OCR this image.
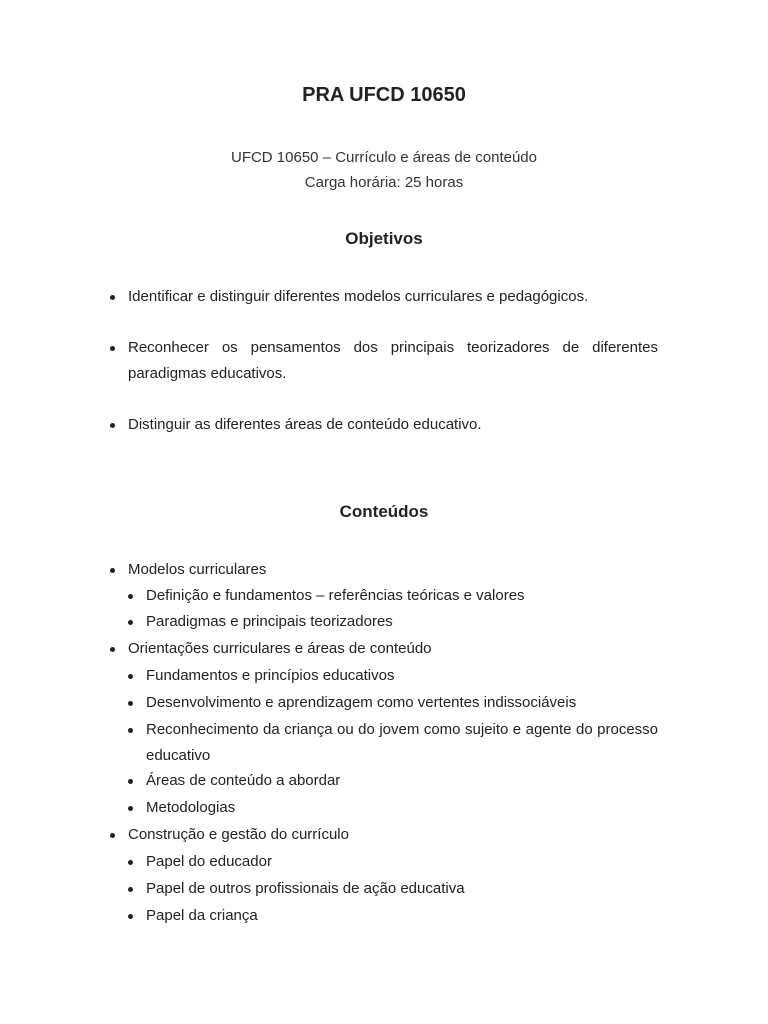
PRA UFCD 10650
UFCD 10650 – Currículo e áreas de conteúdo
Carga horária: 25 horas
Objetivos
Identificar e distinguir diferentes modelos curriculares e pedagógicos.
Reconhecer os pensamentos dos principais teorizadores de diferentes paradigmas educativos.
Distinguir as diferentes áreas de conteúdo educativo.
Conteúdos
Modelos curriculares
Definição e fundamentos – referências teóricas e valores
Paradigmas e principais teorizadores
Orientações curriculares e áreas de conteúdo
Fundamentos e princípios educativos
Desenvolvimento e aprendizagem como vertentes indissociáveis
Reconhecimento da criança ou do jovem como sujeito e agente do processo educativo
Áreas de conteúdo a abordar
Metodologias
Construção e gestão do currículo
Papel do educador
Papel de outros profissionais de ação educativa
Papel da criança
